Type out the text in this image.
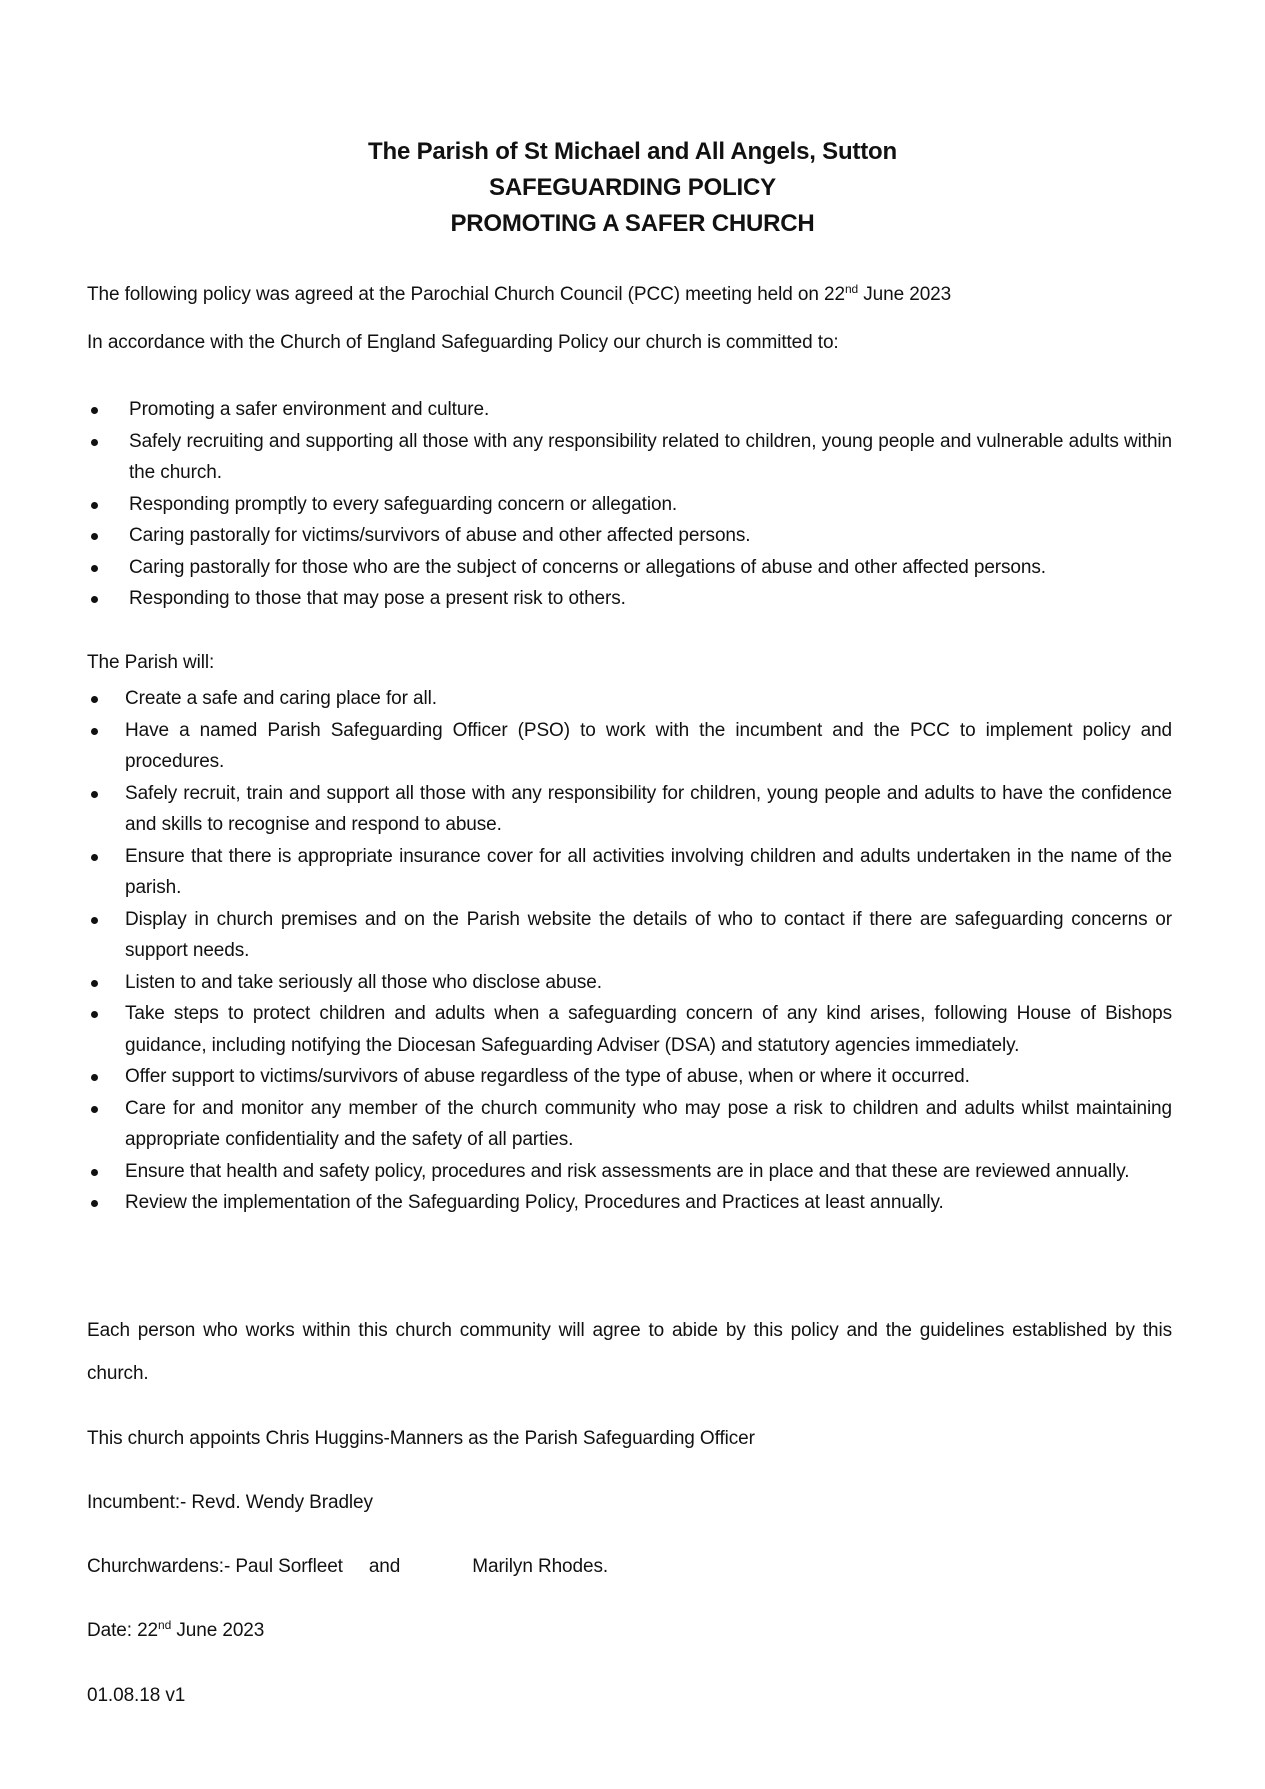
The Parish of St Michael and All Angels, Sutton
SAFEGUARDING POLICY
PROMOTING A SAFER CHURCH
The following policy was agreed at the Parochial Church Council (PCC) meeting held on 22nd June 2023
In accordance with the Church of England Safeguarding Policy our church is committed to:
Promoting a safer environment and culture.
Safely recruiting and supporting all those with any responsibility related to children, young people and vulnerable adults within the church.
Responding promptly to every safeguarding concern or allegation.
Caring pastorally for victims/survivors of abuse and other affected persons.
Caring pastorally for those who are the subject of concerns or allegations of abuse and other affected persons.
Responding to those that may pose a present risk to others.
The Parish will:
Create a safe and caring place for all.
Have a named Parish Safeguarding Officer (PSO) to work with the incumbent and the PCC to implement policy and procedures.
Safely recruit, train and support all those with any responsibility for children, young people and adults to have the confidence and skills to recognise and respond to abuse.
Ensure that there is appropriate insurance cover for all activities involving children and adults undertaken in the name of the parish.
Display in church premises and on the Parish website the details of who to contact if there are safeguarding concerns or support needs.
Listen to and take seriously all those who disclose abuse.
Take steps to protect children and adults when a safeguarding concern of any kind arises, following House of Bishops guidance, including notifying the Diocesan Safeguarding Adviser (DSA) and statutory agencies immediately.
Offer support to victims/survivors of abuse regardless of the type of abuse, when or where it occurred.
Care for and monitor any member of the church community who may pose a risk to children and adults whilst maintaining appropriate confidentiality and the safety of all parties.
Ensure that health and safety policy, procedures and risk assessments are in place and that these are reviewed annually.
Review the implementation of the Safeguarding Policy, Procedures and Practices at least annually.
Each person who works within this church community will agree to abide by this policy and the guidelines established by this church.
This church appoints Chris Huggins-Manners as the Parish Safeguarding Officer
Incumbent:- Revd. Wendy Bradley
Churchwardens:- Paul Sorfleet and	Marilyn Rhodes.
Date: 22nd June 2023
01.08.18 v1
